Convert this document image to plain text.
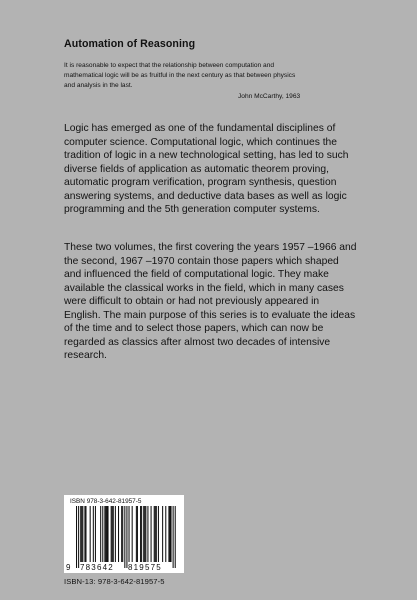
Automation of Reasoning
It is reasonable to expect that the relationship between computation and
mathematical logic will be as fruitful in the next century as that between physics
and analysis in the last.
John McCarthy, 1963

Logic has emerged as one of the fundamental disciplines of
computer science. Computational logic, which continues the
tradition of logic in a new technological setting, has led to such
diverse fields of application as automatic theorem proving,
automatic program verification, program synthesis, question
answering systems, and deductive data bases as well as logic
programming and the 5th generation computer systems.

These two volumes, the first covering the years 1957 –1966 and
the second, 1967 –1970 contain those papers which shaped
and influenced the field of computational logic. They make
available the classical works in the field, which in many cases
were difficult to obtain or had not previously appeared in
English. The main purpose of this series is to evaluate the ideas
of the time and to select those papers, which can now be
regarded as classics after almost two decades of intensive
research.

ISBN 978-3-642-81957-5
9 783642 819575
ISBN-13: 978-3-642-81957-5
